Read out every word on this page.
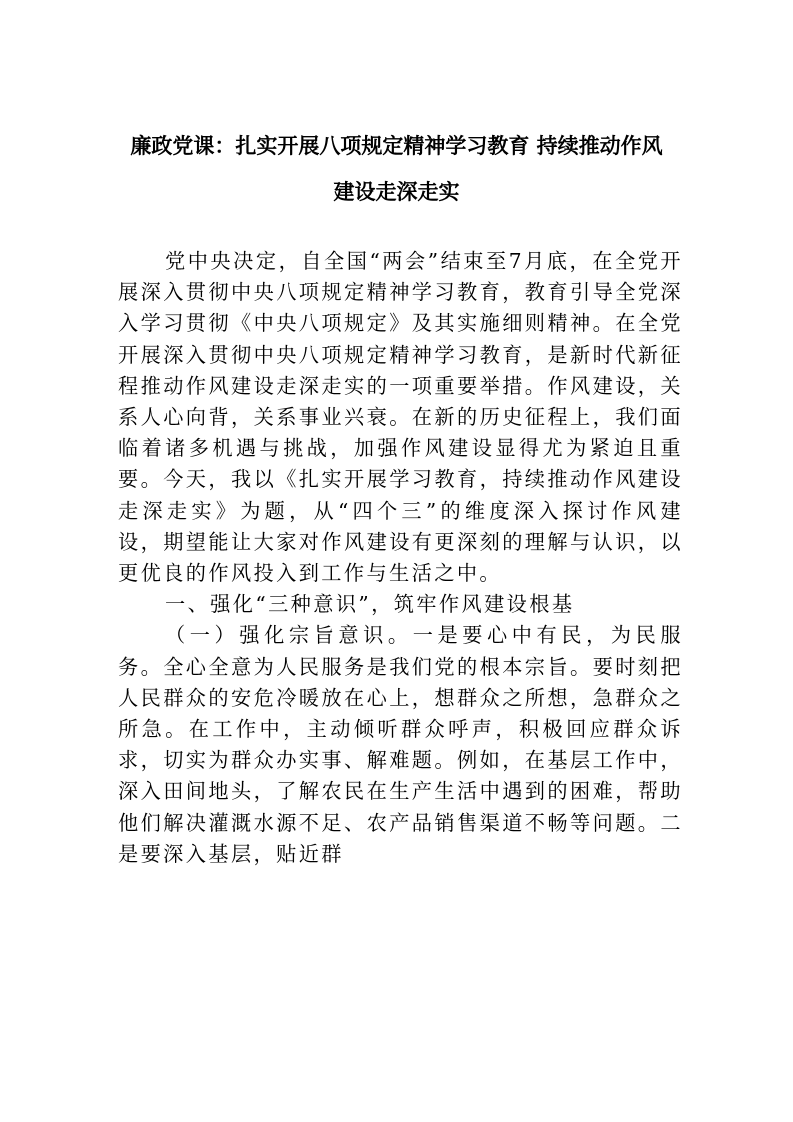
廉政党课：扎实开展八项规定精神学习教育 持续推动作风
建设走深走实

党中央决定，自全国“两会”结束至7月底，在全党开展深入贯彻中央八项规定精神学习教育，教育引导全党深入学习贯彻《中央八项规定》及其实施细则精神。在全党开展深入贯彻中央八项规定精神学习教育，是新时代新征程推动作风建设走深走实的一项重要举措。作风建设，关系人心向背，关系事业兴衰。在新的历史征程上，我们面临着诸多机遇与挑战，加强作风建设显得尤为紧迫且重要。今天，我以《扎实开展学习教育，持续推动作风建设走深走实》为题，从“四个三”的维度深入探讨作风建设，期望能让大家对作风建设有更深刻的理解与认识，以更优良的作风投入到工作与生活之中。

一、强化“三种意识”，筑牢作风建设根基

（一）强化宗旨意识。一是要心中有民，为民服务。全心全意为人民服务是我们党的根本宗旨。要时刻把人民群众的安危冷暖放在心上，想群众之所想，急群众之所急。在工作中，主动倾听群众呼声，积极回应群众诉求，切实为群众办实事、解难题。例如，在基层工作中，深入田间地头，了解农民在生产生活中遇到的困难，帮助他们解决灌溉水源不足、农产品销售渠道不畅等问题。二是要深入基层，贴近群
